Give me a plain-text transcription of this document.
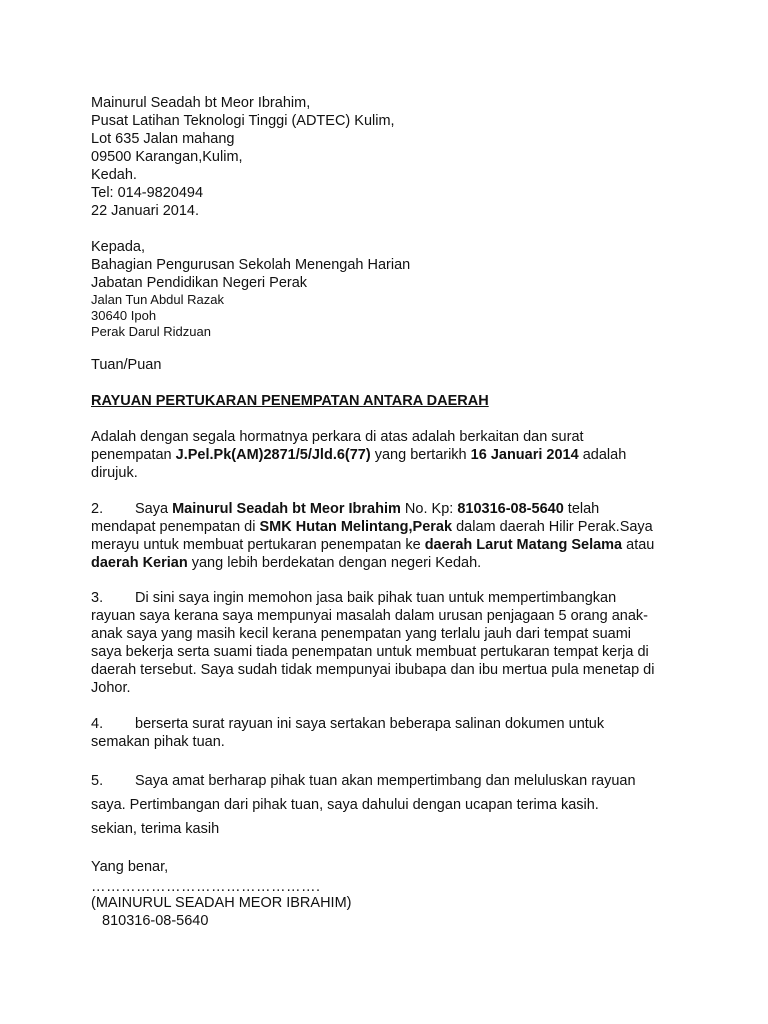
Mainurul Seadah bt Meor Ibrahim,
Pusat Latihan Teknologi Tinggi (ADTEC) Kulim,
Lot 635 Jalan mahang
09500 Karangan,Kulim,
Kedah.
Tel: 014-9820494
22 Januari 2014.
Kepada,
Bahagian Pengurusan Sekolah Menengah Harian
Jabatan Pendidikan Negeri Perak
Jalan Tun Abdul Razak
30640 Ipoh
Perak Darul Ridzuan
Tuan/Puan
RAYUAN PERTUKARAN PENEMPATAN ANTARA DAERAH
Adalah dengan segala hormatnya perkara di atas adalah berkaitan dan surat
penempatan J.Pel.Pk(AM)2871/5/Jld.6(77) yang bertarikh 16 Januari 2014 adalah
dirujuk.
2. Saya Mainurul Seadah bt Meor Ibrahim No. Kp: 810316-08-5640 telah
mendapat penempatan di SMK Hutan Melintang,Perak dalam daerah Hilir Perak.Saya
merayu untuk membuat pertukaran penempatan ke daerah Larut Matang Selama atau
daerah Kerian yang lebih berdekatan dengan negeri Kedah.
3. Di sini saya ingin memohon jasa baik pihak tuan untuk mempertimbangkan
rayuan saya kerana saya mempunyai masalah dalam urusan penjagaan 5 orang anak-
anak saya yang masih kecil kerana penempatan yang terlalu jauh dari tempat suami
saya bekerja serta suami tiada penempatan untuk membuat pertukaran tempat kerja di
daerah tersebut. Saya sudah tidak mempunyai ibubapa dan ibu mertua pula menetap di
Johor.
4. berserta surat rayuan ini saya sertakan beberapa salinan dokumen untuk
semakan pihak tuan.
5. Saya amat berharap pihak tuan akan mempertimbang dan meluluskan rayuan
saya. Pertimbangan dari pihak tuan, saya dahului dengan ucapan terima kasih.
sekian, terima kasih
Yang benar,
……………………………………….
(MAINURUL SEADAH MEOR IBRAHIM)
810316-08-5640
